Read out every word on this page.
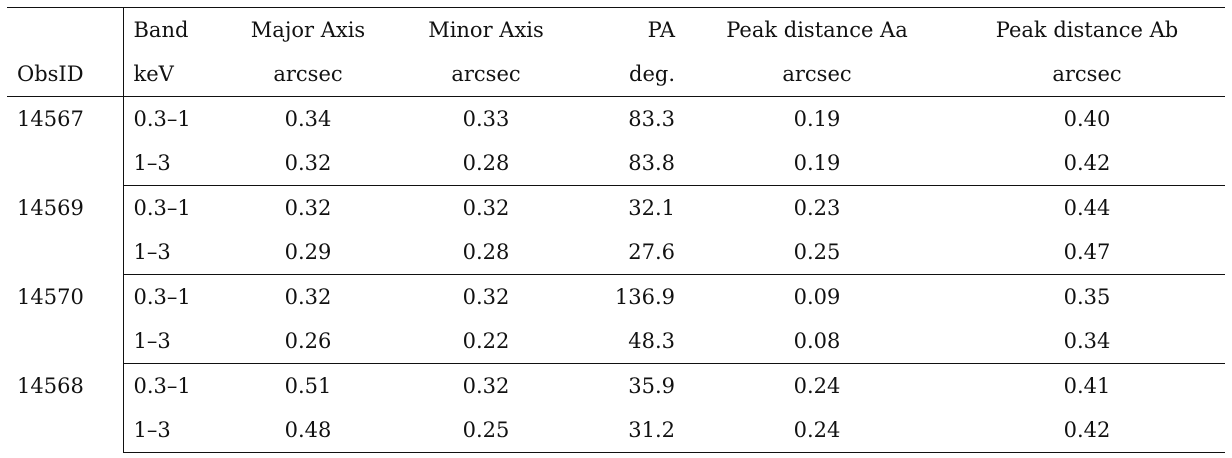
	Band	Major Axis	Minor Axis	PA	Peak distance Aa	Peak distance Ab
ObsID	keV	arcsec	arcsec	deg.	arcsec	arcsec
14567	0.3–1	0.34	0.33	83.3	0.19	0.40
	1–3	0.32	0.28	83.8	0.19	0.42
14569	0.3–1	0.32	0.32	32.1	0.23	0.44
	1–3	0.29	0.28	27.6	0.25	0.47
14570	0.3–1	0.32	0.32	136.9	0.09	0.35
	1–3	0.26	0.22	48.3	0.08	0.34
14568	0.3–1	0.51	0.32	35.9	0.24	0.41
	1–3	0.48	0.25	31.2	0.24	0.42
